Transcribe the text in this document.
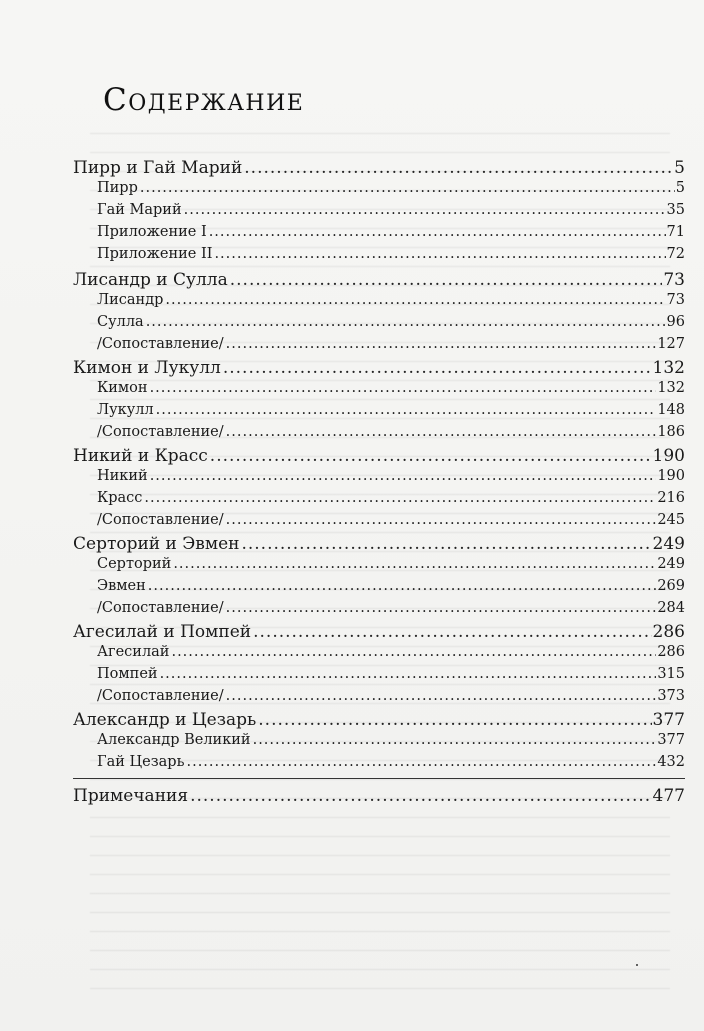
Содержание
Пирр и Гай Марий .....	5
Пирр .....	5
Гай Марий .....	35
Приложение I .....	71
Приложение II .....	72
Лисандр и Сулла .....	73
Лисандр .....	73
Сулла .....	96
/Сопоставление/ .....	127
Кимон и Лукулл .....	132
Кимон .....	132
Лукулл .....	148
/Сопоставление/ .....	186
Никий и Красс .....	190
Никий .....	190
Красс .....	216
/Сопоставление/ .....	245
Серторий и Эвмен .....	249
Серторий .....	249
Эвмен .....	269
/Сопоставление/ .....	284
Агесилай и Помпей .....	286
Агесилай .....	286
Помпей .....	315
/Сопоставление/ .....	373
Александр и Цезарь .....	377
Александр Великий .....	377
Гай Цезарь .....	432
Примечания .....	477
